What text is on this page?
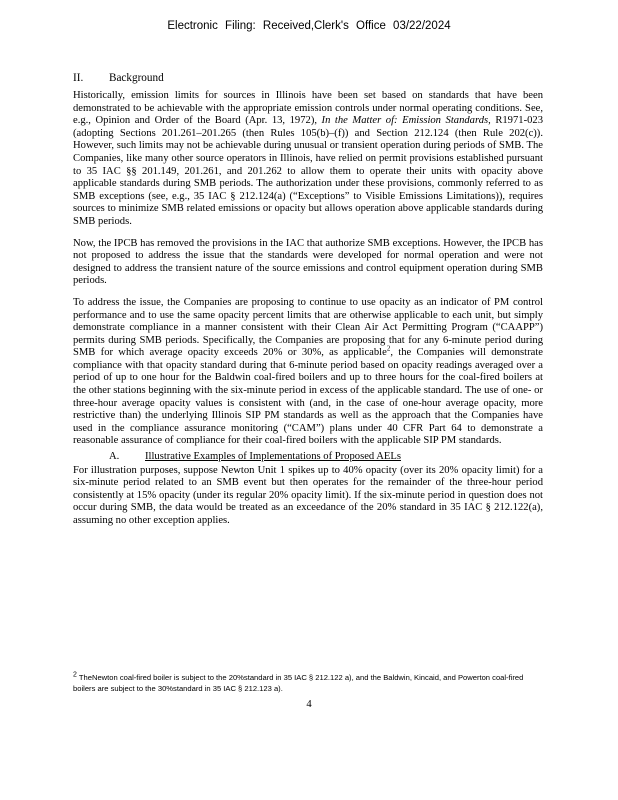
Electronic Filing: Received,Clerk's Office 03/22/2024
II. Background

Historically, emission limits for sources in Illinois have been set based on standards that have been demonstrated to be achievable with the appropriate emission controls under normal operating conditions. See, e.g., Opinion and Order of the Board (Apr. 13, 1972), In the Matter of: Emission Standards, R1971-023 (adopting Sections 201.261–201.265 (then Rules 105(b)–(f)) and Section 212.124 (then Rule 202(c)). However, such limits may not be achievable during unusual or transient operation during periods of SMB. The Companies, like many other source operators in Illinois, have relied on permit provisions established pursuant to 35 IAC §§ 201.149, 201.261, and 201.262 to allow them to operate their units with opacity above applicable standards during SMB periods. The authorization under these provisions, commonly referred to as SMB exceptions (see, e.g., 35 IAC § 212.124(a) (“Exceptions” to Visible Emissions Limitations)), requires sources to minimize SMB related emissions or opacity but allows operation above applicable standards during SMB periods.

Now, the IPCB has removed the provisions in the IAC that authorize SMB exceptions. However, the IPCB has not proposed to address the issue that the standards were developed for normal operation and were not designed to address the transient nature of the source emissions and control equipment operation during SMB periods.

To address the issue, the Companies are proposing to continue to use opacity as an indicator of PM control performance and to use the same opacity percent limits that are otherwise applicable to each unit, but simply demonstrate compliance in a manner consistent with their Clean Air Act Permitting Program (“CAAPP”) permits during SMB periods. Specifically, the Companies are proposing that for any 6-minute period during SMB for which average opacity exceeds 20% or 30%, as applicable$^2$, the Companies will demonstrate compliance with that opacity standard during that 6-minute period based on opacity readings averaged over a period of up to one hour for the Baldwin coal-fired boilers and up to three hours for the coal-fired boilers at the other stations beginning with the six-minute period in excess of the applicable standard. The use of one- or three-hour average opacity values is consistent with (and, in the case of one-hour average opacity, more restrictive than) the underlying Illinois SIP PM standards as well as the approach that the Companies have used in the compliance assurance monitoring (“CAM”) plans under 40 CFR Part 64 to demonstrate a reasonable assurance of compliance for their coal-fired boilers with the applicable SIP PM standards.

A. Illustrative Examples of Implementations of Proposed AELs

For illustration purposes, suppose Newton Unit 1 spikes up to 40% opacity (over its 20% opacity limit) for a six-minute period related to an SMB event but then operates for the remainder of the three-hour period consistently at 15% opacity (under its regular 20% opacity limit). If the six-minute period in question does not occur during SMB, the data would be treated as an exceedance of the 20% standard in 35 IAC § 212.122(a), assuming no other exception applies.

$^2$ TheNewton coal-fired boiler is subject to the 20%standard in 35 IAC § 212.122 a), and the Baldwin, Kincaid, and Powerton coal-fired boilers are subject to the 30%standard in 35 IAC § 212.123 a).
4
